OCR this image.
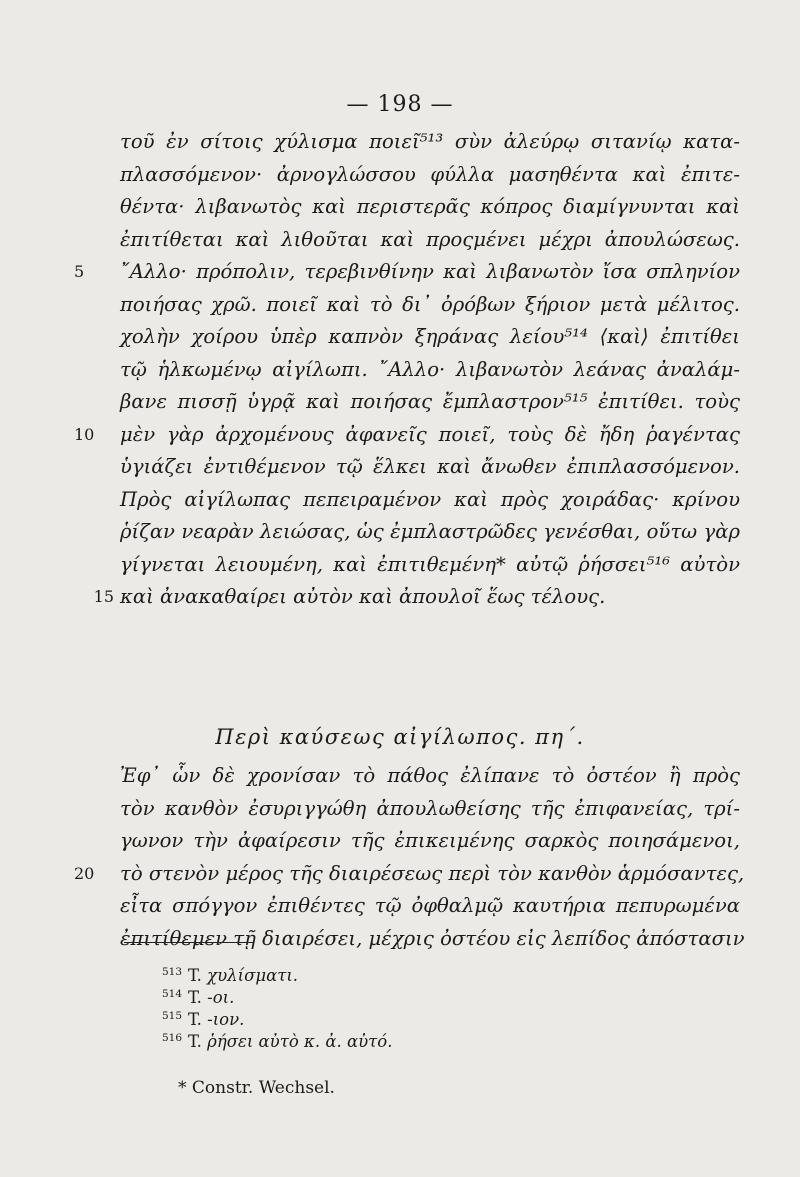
— 198 —
τοῦ ἐν σίτοις χύλισμα ποιεῖ⁵¹³ σὺν ἀλεύρῳ σιτανίῳ κατα-
πλασσόμενον· ἀρνογλώσσου φύλλα μασηθέντα καὶ ἐπιτε-
θέντα· λιβανωτὸς καὶ περιστερᾶς κόπρος διαμίγνυνται καὶ
ἐπιτίθεται καὶ λιθοῦται καὶ προςμένει μέχρι ἀπουλώσεως.
5	῎Αλλο· πρόπολιν, τερεβινθίνην καὶ λιβανωτὸν ἴσα σπληνίον
ποιήσας χρῶ. ποιεῖ καὶ τὸ δι᾽ ὀρόβων ξήριον μετὰ μέλιτος.
χολὴν χοίρου ὑπὲρ καπνὸν ξηράνας λείου⁵¹⁴ ⟨καὶ⟩ ἐπιτίθει
τῷ ἡλκωμένῳ αἰγίλωπι. ῎Αλλο· λιβανωτὸν λεάνας ἀναλάμ-
βανε πισσῇ ὑγρᾷ καὶ ποιήσας ἔμπλαστρον⁵¹⁵ ἐπιτίθει. τοὺς
10	μὲν γὰρ ἀρχομένους ἀφανεῖς ποιεῖ, τοὺς δὲ ἤδη ῥαγέντας
ὑγιάζει ἐντιθέμενον τῷ ἕλκει καὶ ἄνωθεν ἐπιπλασσόμενον.
Πρὸς αἰγίλωπας πεπειραμένον καὶ πρὸς χοιράδας· κρίνου
ῥίζαν νεαρὰν λειώσας, ὡς ἐμπλαστρῶδες γενέσθαι, οὕτω γὰρ
γίγνεται λειουμένη, καὶ ἐπιτιθεμένη* αὐτῷ ῥήσσει⁵¹⁶ αὐτὸν
15 καὶ ἀνακαθαίρει αὐτὸν καὶ ἀπουλοῖ ἕως τέλους.
Περὶ καύσεως αἰγίλωπος. πη΄.
Ἐφ᾽ ὧν δὲ χρονίσαν τὸ πάθος ἐλίπανε τὸ ὀστέον ἢ πρὸς
τὸν κανθὸν ἐσυριγγώθη ἀπουλωθείσης τῆς ἐπιφανείας, τρί-
γωνον τὴν ἀφαίρεσιν τῆς ἐπικειμένης σαρκὸς ποιησάμενοι,
20	τὸ στενὸν μέρος τῆς διαιρέσεως περὶ τὸν κανθὸν ἁρμόσαντες,
εἶτα σπόγγον ἐπιθέντες τῷ ὀφθαλμῷ καυτήρια πεπυρωμένα
ἐπιτίθεμεν τῇ διαιρέσει, μέχρις ὀστέου εἰς λεπίδος ἀπόστασιν
$^{513}$ T. χυλίσματι.
$^{514}$ T. -οι.
$^{515}$ T. -ιον.
$^{516}$ T. ῥήσει αὐτὸ κ. ἀ. αὐτό.
* Constr. Wechsel.
